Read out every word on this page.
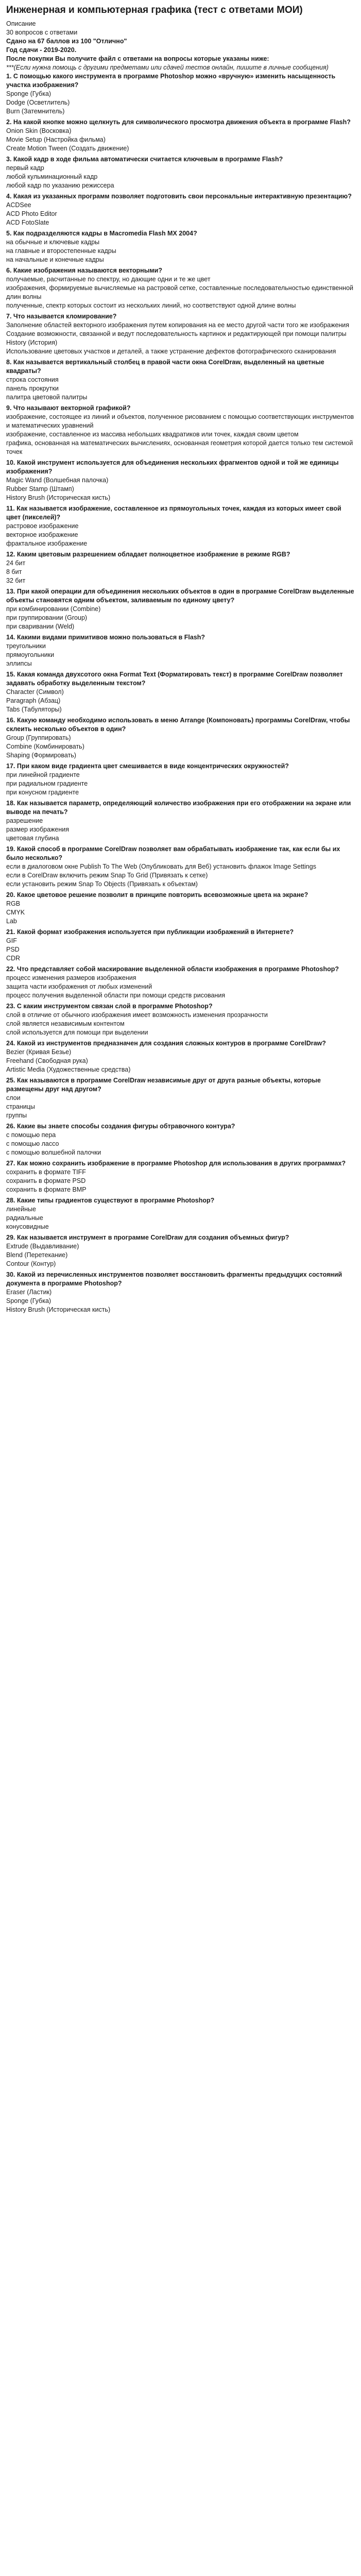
Инженерная и компьютерная графика (тест с ответами МОИ)

Описание

30 вопросов с ответами

Сдано на 67 баллов из 100 "Отлично"

Год сдачи - 2019-2020.

После покупки Вы получите файл с ответами на вопросы которые указаны ниже:

***(Если нужна помощь с другими предметами или сдачей тестов онлайн, пишите в личные сообщения)

1. С помощью какого инструмента в программе Photoshop можно «вручную» изменить насыщенность участка изображения?

Sponge (Губка)
Dodge (Осветлитель)
Burn (Затемнитель)

2. На какой кнопке можно щелкнуть для символического просмотра движения объекта в программе Flash?

Onion Skin (Восковка)
Movie Setup (Настройка фильма)
Create Motion Tween (Создать движение)

3. Какой кадр в ходе фильма автоматически считается ключевым в программе Flash?

первый кадр
любой кульминационный кадр
любой кадр по указанию режиссера

4. Какая из указанных программ позволяет подготовить свои персональные интерактивную презентацию?

ACDSee
ACD Photo Editor
ACD FotoSlate

5. Как подразделяются кадры в Macromedia Flash MX 2004?

на обычные и ключевые кадры
на главные и второстепенные кадры
на начальные и конечные кадры

6. Какие изображения называются векторными?

получаемые, расчитанные по спектру, но дающие одни и те же цвет
изображения, формируемые вычисляемые на растровой сетке, составленные последовательностью единственной длин волны
полученные, спектр которых состоит из нескольких линий, но соответствуют одной длине волны

7. Что называется кломирование?

Заполнение областей векторного изображения путем копирования на ее место другой части того же изображения
Создание возможности, связанной и ведут последовательность картинок и редактирующей при помощи палитры History (История)
Использование цветовых участков и деталей, а также устранение дефектов фотографического сканирования

8. Как называется вертикальный столбец в правой части окна CorelDraw, выделенный на цветные квадраты?

строка состояния
панель прокрутки
палитра цветовой палитры

9. Что называют векторной графикой?

изображение, состоящее из линий и объектов, полученное рисованием с помощью соответствующих инструментов и математических уравнений
изображение, составленное из массива небольших квадратиков или точек, каждая своим цветом
графика, основанная на математических вычислениях, основанная геометрия которой дается только тем системой точек

10. Какой инструмент используется для объединения нескольких фрагментов одной и той же единицы изображения?

Magic Wand (Волшебная палочка)
Rubber Stamp (Штамп)
History Brush (Историческая кисть)

11. Как называется изображение, составленное из прямоугольных точек, каждая из которых имеет свой цвет (пикселей)?

растровое изображение
векторное изображение
фрактальное изображение

12. Каким цветовым разрешением обладает полноцветное изображение в режиме RGB?

24 бит
8 бит
32 бит

13. При какой операции для объединения нескольких объектов в один в программе CorelDraw выделенные объекты становятся одним объектом, заливаемым по единому цвету?

при комбинировании (Combine)
при группировании (Group)
при сваривании (Weld)

14. Какими видами примитивов можно пользоваться в Flash?

треугольники
прямоугольники
эллипсы

15. Какая команда двухсотого окна Format Text (Форматировать текст) в программе CorelDraw позволяет задавать обработку выделенным текстом?

Character (Символ)
Paragraph (Абзац)
Tabs (Табуляторы)

16. Какую команду необходимо использовать в меню Arrange (Компоновать) программы CorelDraw, чтобы склеить несколько объектов в один?

Group (Группировать)
Combine (Комбинировать)
Shaping (Формировать)

17. При каком виде градиента цвет смешивается в виде концентрических окружностей?

при линейной градиенте
при радиальном градиенте
при конусном градиенте

18. Как называется параметр, определяющий количество изображения при его отображении на экране или выводе на печать?

разрешение
размер изображения
цветовая глубина

19. Какой способ в программе CorelDraw позволяет вам обрабатывать изображение так, как если бы их было несколько?

если в диалоговом окне Publish To The Web (Опубликовать для Веб) установить флажок Image Settings
если в CorelDraw включить режим Snap To Grid (Привязать к сетке)
если установить режим Snap To Objects (Привязать к объектам)

20. Какое цветовое решение позволит в принципе повторить всевозможные цвета на экране?

RGB
CMYK
Lab

21. Какой формат изображения используется при публикации изображений в Интернете?

GIF
PSD
CDR

22. Что представляет собой маскирование выделенной области изображения в программе Photoshop?

процесс изменения размеров изображения
защита части изображения от любых изменений
процесс получения выделенной области при помощи средств рисования

23. С каким инструментом связан слой в программе Photoshop?

слой в отличие от обычного изображения имеет возможность изменения прозрачности
слой является независимым контентом
слой используется для помощи при выделении

24. Какой из инструментов предназначен для создания сложных контуров в программе CorelDraw?

Bezier (Кривая Безье)
Freehand (Свободная рука)
Artistic Media (Художественные средства)

25. Как называются в программе CorelDraw независимые друг от друга разные объекты, которые размещены друг над другом?

слои
страницы
группы

26. Какие вы знаете способы создания фигуры обтравочного контура?

с помощью пера
с помощью лассо
с помощью волшебной палочки

27. Как можно сохранить изображение в программе Photoshop для использования в других программах?

сохранить в формате TIFF
сохранить в формате PSD
сохранить в формате BMP

28. Какие типы градиентов существуют в программе Photoshop?

линейные
радиальные
конусовидные

29. Как называется инструмент в программе CorelDraw для создания объемных фигур?

Extrude (Выдавливание)
Blend (Перетекание)
Contour (Контур)

30. Какой из перечисленных инструментов позволяет восстановить фрагменты предыдущих состояний документа в программе Photoshop?

Eraser (Ластик)
Sponge (Губка)
History Brush (Историческая кисть)
